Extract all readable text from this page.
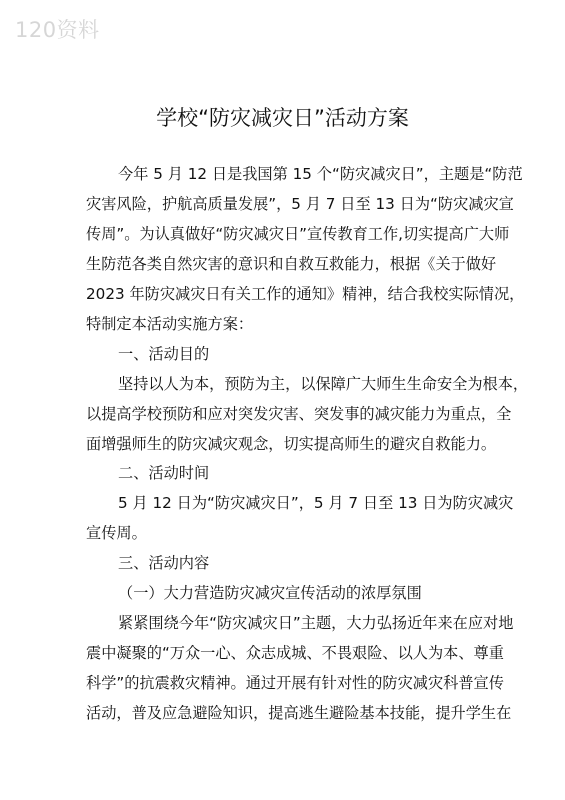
120资料
学校“防灾减灾日”活动方案
今年 5 月 12 日是我国第 15 个“防灾减灾日”，主题是“防范
灾害风险，护航高质量发展”，5 月 7 日至 13 日为“防灾减灾宣
传周”。为认真做好“防灾减灾日”宣传教育工作,切实提高广大师
生防范各类自然灾害的意识和自救互救能力，根据《关于做好
2023 年防灾减灾日有关工作的通知》精神，结合我校实际情况，
特制定本活动实施方案：
一、活动目的
坚持以人为本，预防为主，以保障广大师生生命安全为根本，
以提高学校预防和应对突发灾害、突发事的减灾能力为重点，全
面增强师生的防灾减灾观念，切实提高师生的避灾自救能力。
二、活动时间
5 月 12 日为“防灾减灾日”，5 月 7 日至 13 日为防灾减灾
宣传周。
三、活动内容
（一）大力营造防灾减灾宣传活动的浓厚氛围
紧紧围绕今年“防灾减灾日”主题，大力弘扬近年来在应对地
震中凝聚的“万众一心、众志成城、不畏艰险、以人为本、尊重
科学”的抗震救灾精神。通过开展有针对性的防灾减灾科普宣传
活动，普及应急避险知识，提高逃生避险基本技能，提升学生在
